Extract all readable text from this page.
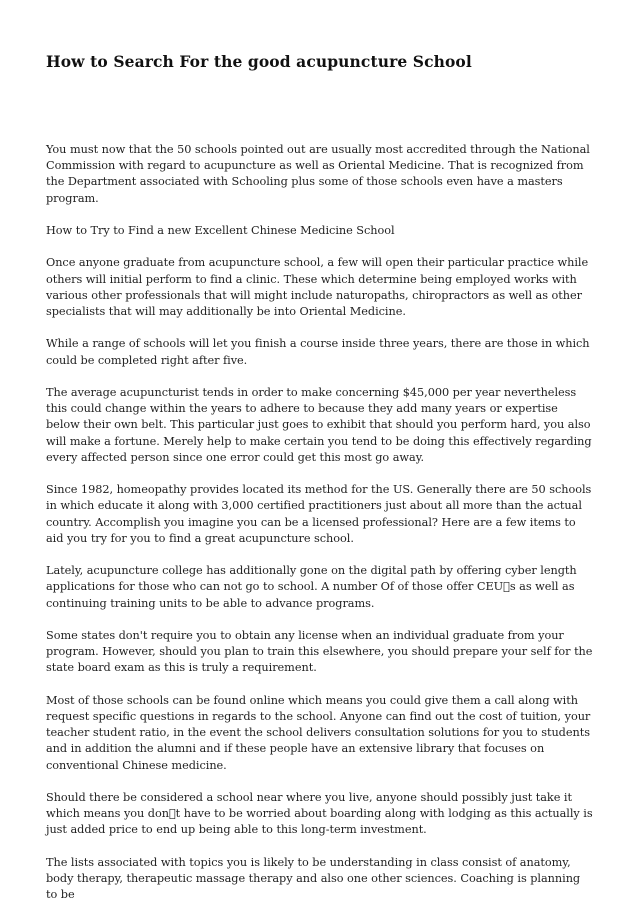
How to Search For the good acupuncture School

You must now that the 50 schools pointed out are usually most accredited through the National Commission with regard to acupuncture as well as Oriental Medicine. That is recognized from the Department associated with Schooling plus some of those schools even have a masters program.

How to Try to Find a new Excellent Chinese Medicine School

Once anyone graduate from acupuncture school, a few will open their particular practice while others will initial perform to find a clinic. These which determine being employed works with various other professionals that will might include naturopaths, chiropractors as well as other specialists that will may additionally be into Oriental Medicine.

While a range of schools will let you finish a course inside three years, there are those in which could be completed right after five.

The average acupuncturist tends in order to make concerning $45,000 per year nevertheless this could change within the years to adhere to because they add many years or expertise below their own belt. This particular just goes to exhibit that should you perform hard, you also will make a fortune. Merely help to make certain you tend to be doing this effectively regarding every affected person since one error could get this most go away.

Since 1982, homeopathy provides located its method for the US. Generally there are 50 schools in which educate it along with 3,000 certified practitioners just about all more than the actual country. Accomplish you imagine you can be a licensed professional? Here are a few items to aid you try for you to find a great acupuncture school.

Lately, acupuncture college has additionally gone on the digital path by offering cyber length applications for those who can not go to school. A number Of of those offer CEU s as well as continuing training units to be able to advance programs.

Some states don't require you to obtain any license when an individual graduate from your program. However, should you plan to train this elsewhere, you should prepare your self for the state board exam as this is truly a requirement.

Most of those schools can be found online which means you could give them a call along with request specific questions in regards to the school. Anyone can find out the cost of tuition, your teacher student ratio, in the event the school delivers consultation solutions for you to students and in addition the alumni and if these people have an extensive library that focuses on conventional Chinese medicine.

Should there be considered a school near where you live, anyone should possibly just take it which means you don t have to be worried about boarding along with lodging as this actually is just added price to end up being able to this long-term investment.

The lists associated with topics you is likely to be understanding in class consist of anatomy, body therapy, therapeutic massage therapy and also one other sciences. Coaching is planning to be
